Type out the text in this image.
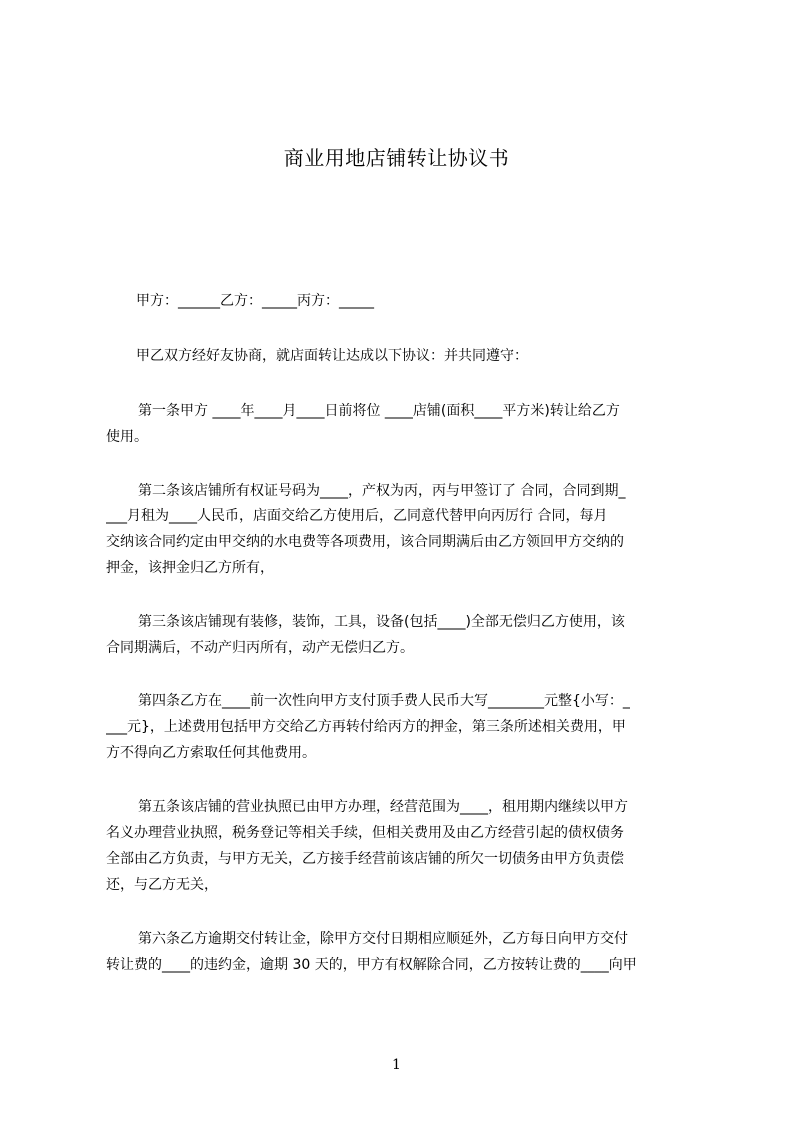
商业用地店铺转让协议书
甲方：______乙方：_____丙方：_____
甲乙双方经好友协商，就店面转让达成以下协议：并共同遵守：
第一条甲方 ____年____月____日前将位 ____店铺(面积____平方米)转让给乙方
使用。
第二条该店铺所有权证号码为____，产权为丙，丙与甲签订了 合同，合同到期_
___月租为____人民币，店面交给乙方使用后，乙同意代替甲向丙厉行 合同，每月
交纳该合同约定由甲交纳的水电费等各项费用，该合同期满后由乙方领回甲方交纳的
押金，该押金归乙方所有，
第三条该店铺现有装修，装饰，工具，设备(包括____)全部无偿归乙方使用，该
合同期满后，不动产归丙所有，动产无偿归乙方。
第四条乙方在____前一次性向甲方支付顶手费人民币大写________元整{小写：_
___元}，上述费用包括甲方交给乙方再转付给丙方的押金，第三条所述相关费用，甲
方不得向乙方索取任何其他费用。
第五条该店铺的营业执照已由甲方办理，经营范围为____，租用期内继续以甲方
名义办理营业执照，税务登记等相关手续，但相关费用及由乙方经营引起的债权债务
全部由乙方负责，与甲方无关，乙方接手经营前该店铺的所欠一切债务由甲方负责偿
还，与乙方无关，
第六条乙方逾期交付转让金，除甲方交付日期相应顺延外，乙方每日向甲方交付
转让费的____的违约金，逾期 30 天的，甲方有权解除合同，乙方按转让费的____向甲
1
